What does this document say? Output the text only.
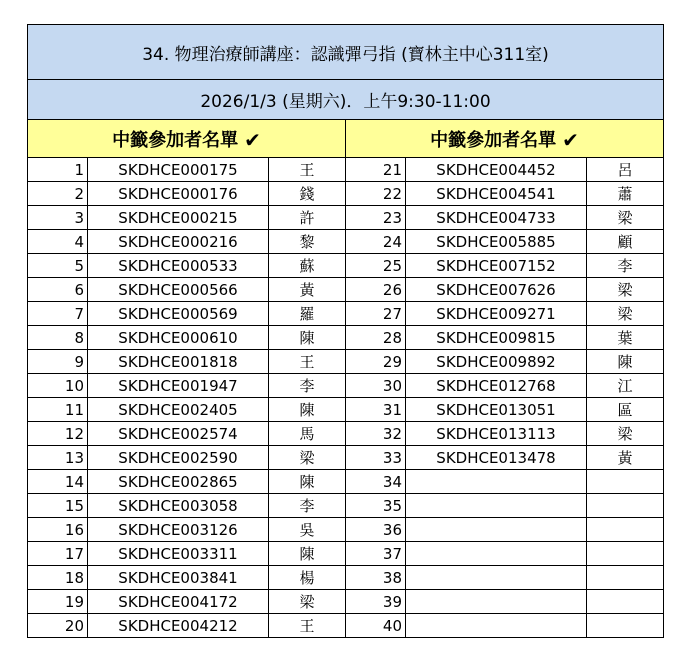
34. 物理治療師講座：認識彈弓指 (寶林主中心311室)					
2026/1/3 (星期六)．上午9:30-11:00					
中籤參加者名單 ✔			中籤參加者名單 ✔		
1	SKDHCE000175	王	21	SKDHCE004452	呂
2	SKDHCE000176	錢	22	SKDHCE004541	蕭
3	SKDHCE000215	許	23	SKDHCE004733	梁
4	SKDHCE000216	黎	24	SKDHCE005885	顧
5	SKDHCE000533	蘇	25	SKDHCE007152	李
6	SKDHCE000566	黃	26	SKDHCE007626	梁
7	SKDHCE000569	羅	27	SKDHCE009271	梁
8	SKDHCE000610	陳	28	SKDHCE009815	葉
9	SKDHCE001818	王	29	SKDHCE009892	陳
10	SKDHCE001947	李	30	SKDHCE012768	江
11	SKDHCE002405	陳	31	SKDHCE013051	區
12	SKDHCE002574	馬	32	SKDHCE013113	梁
13	SKDHCE002590	梁	33	SKDHCE013478	黃
14	SKDHCE002865	陳	34		
15	SKDHCE003058	李	35		
16	SKDHCE003126	吳	36		
17	SKDHCE003311	陳	37		
18	SKDHCE003841	楊	38		
19	SKDHCE004172	梁	39		
20	SKDHCE004212	王	40		
